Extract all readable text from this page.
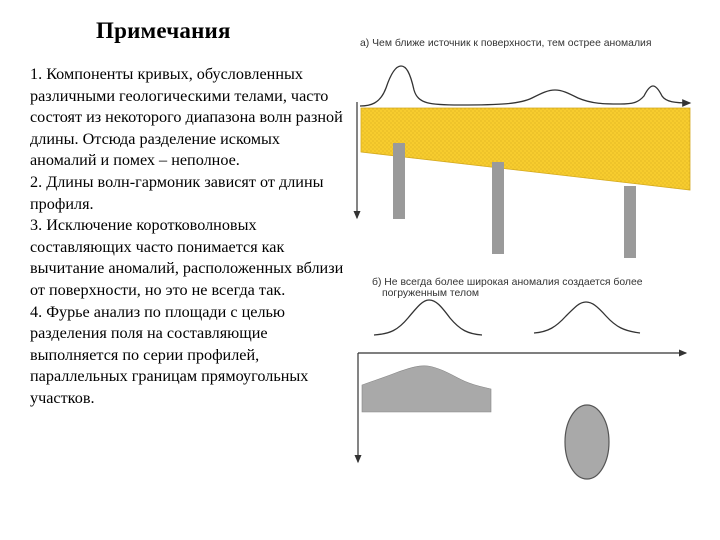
Примечания

1. Компоненты кривых, обусловленных различными геологическими телами, часто состоят из некоторого диапазона волн разной длины. Отсюда разделение искомых аномалий и помех – неполное.

2. Длины волн-гармоник зависят от длины профиля.

3. Исключение коротковолновых составляющих часто понимается как вычитание аномалий, расположенных вблизи от поверхности, но это не всегда так.

4. Фурье анализ по площади с целью разделения поля на составляющие выполняется по серии профилей, параллельных границам прямоугольных участков.

а) Чем ближе источник к поверхности, тем острее аномалия
б) Не всегда более широкая аномалия создается более
погруженным телом
